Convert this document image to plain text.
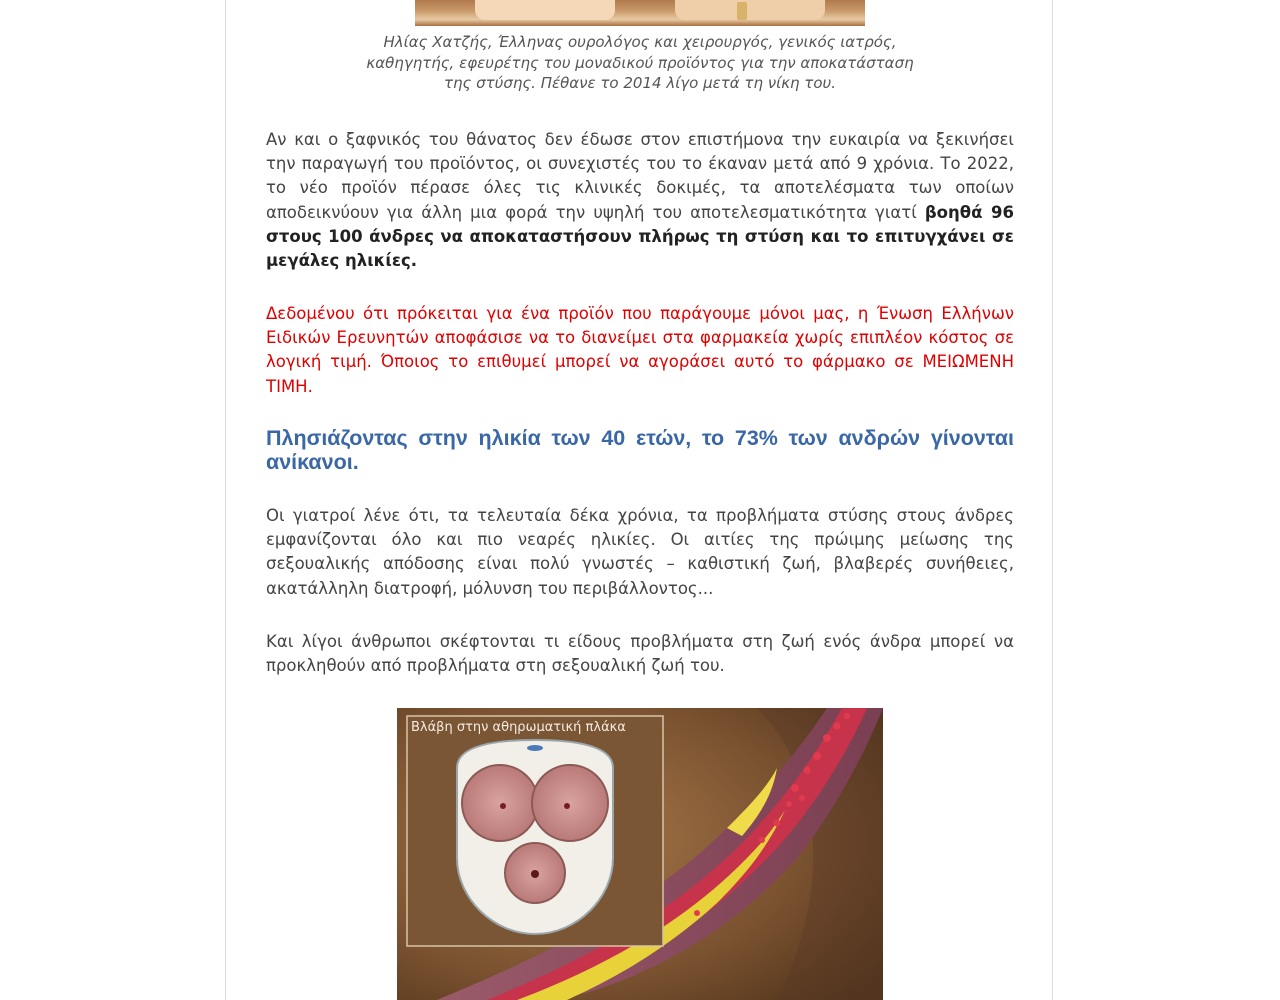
Ηλίας Χατζής, Έλληνας ουρολόγος και χειρουργός, γενικός ιατρός,
καθηγητής, εφευρέτης του μοναδικού προϊόντος για την αποκατάσταση
της στύσης. Πέθανε το 2014 λίγο μετά τη νίκη του.

Αν και ο ξαφνικός του θάνατος δεν έδωσε στον επιστήμονα την ευκαιρία να ξεκινήσει την παραγωγή του προϊόντος, οι συνεχιστές του το έκαναν μετά από 9 χρόνια. Το 2022, το νέο προϊόν πέρασε όλες τις κλινικές δοκιμές, τα αποτελέσματα των οποίων αποδεικνύουν για άλλη μια φορά την υψηλή του αποτελεσματικότητα γιατί βοηθά 96 στους 100 άνδρες να αποκαταστήσουν πλήρως τη στύση και το επιτυγχάνει σε μεγάλες ηλικίες.

Δεδομένου ότι πρόκειται για ένα προϊόν που παράγουμε μόνοι μας, η Ένωση Ελλήνων Ειδικών Ερευνητών αποφάσισε να το διανείμει στα φαρμακεία χωρίς επιπλέον κόστος σε λογική τιμή. Όποιος το επιθυμεί μπορεί να αγοράσει αυτό το φάρμακο σε ΜΕΙΩΜΕΝΗ ΤΙΜΗ.

Πλησιάζοντας στην ηλικία των 40 ετών, το 73% των ανδρών γίνονται ανίκανοι.

Οι γιατροί λένε ότι, τα τελευταία δέκα χρόνια, τα προβλήματα στύσης στους άνδρες εμφανίζονται όλο και πιο νεαρές ηλικίες. Οι αιτίες της πρώιμης μείωσης της σεξουαλικής απόδοσης είναι πολύ γνωστές – καθιστική ζωή, βλαβερές συνήθειες, ακατάλληλη διατροφή, μόλυνση του περιβάλλοντος...

Και λίγοι άνθρωποι σκέφτονται τι είδους προβλήματα στη ζωή ενός άνδρα μπορεί να προκληθούν από προβλήματα στη σεξουαλική ζωή του.

Βλάβη στην αθηρωματική πλάκα
